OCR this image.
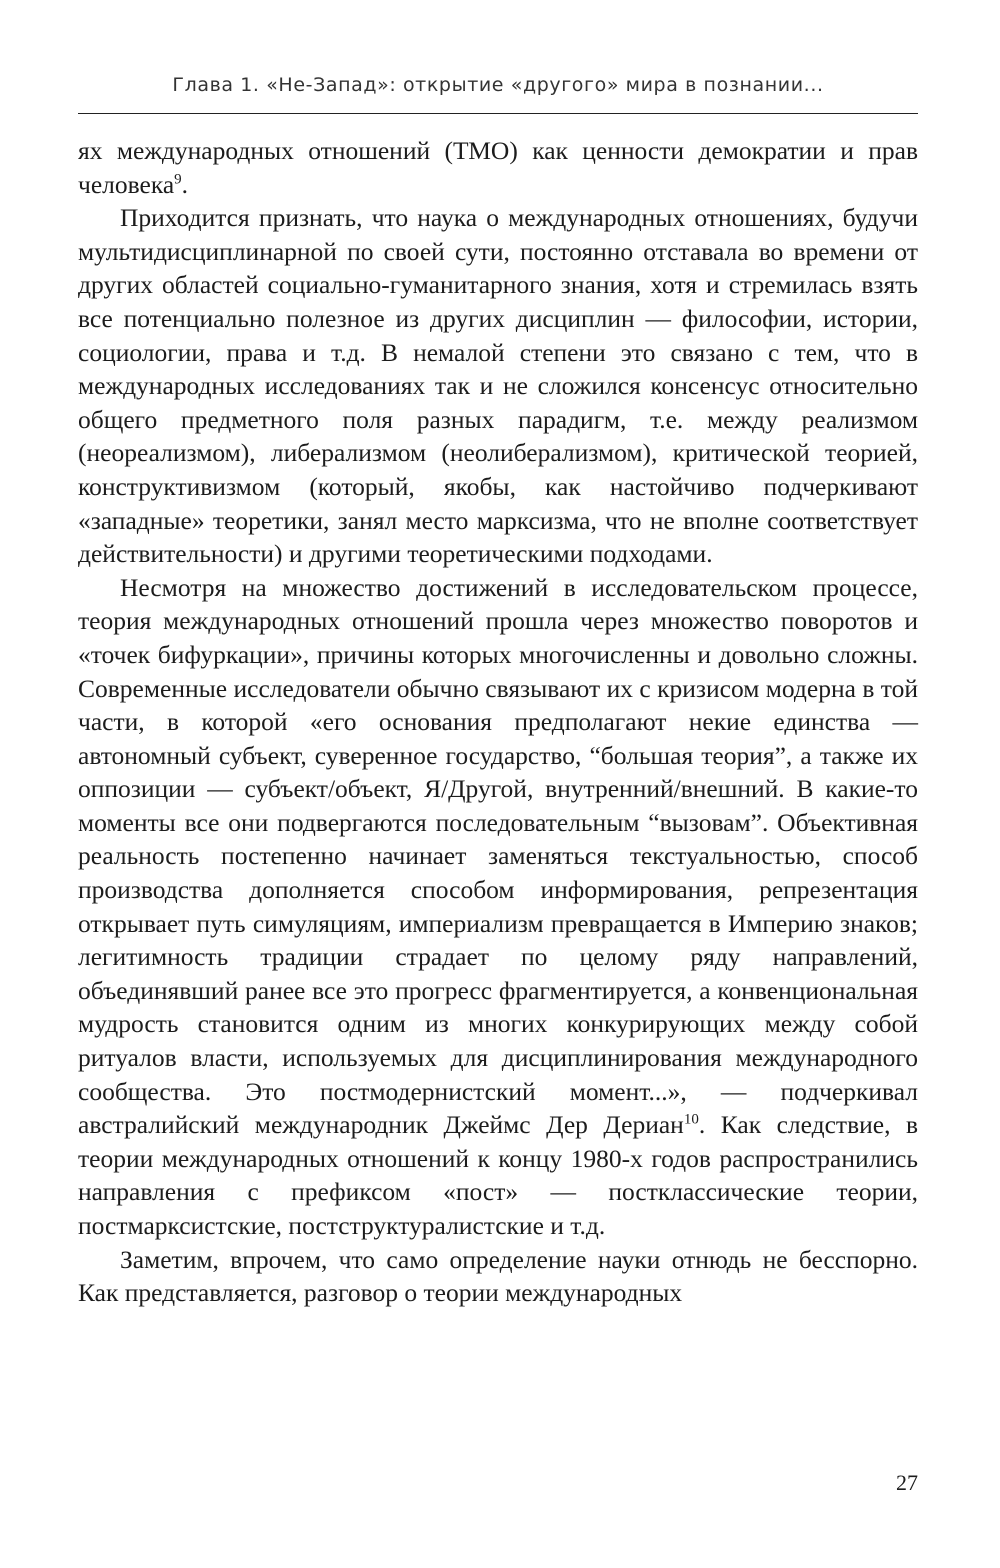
Глава 1. «Не-Запад»: открытие «другого» мира в познании...

ях международных отношений (ТМО) как ценности демократии и прав человека$^9$.

Приходится признать, что наука о международных отношениях, будучи мультидисциплинарной по своей сути, постоянно отставала во времени от других областей социально-гуманитарного знания, хотя и стремилась взять все потенциально полезное из других дисциплин — философии, истории, социологии, права и т.д. В немалой степени это связано с тем, что в международных исследованиях так и не сложился консенсус относительно общего предметного поля разных парадигм, т.е. между реализмом (неореализмом), либерализмом (неолиберализмом), критической теорией, конструктивизмом (который, якобы, как настойчиво подчеркивают «западные» теоретики, занял место марксизма, что не вполне соответствует действительности) и другими теоретическими подходами.

Несмотря на множество достижений в исследовательском процессе, теория международных отношений прошла через множество поворотов и «точек бифуркации», причины которых многочисленны и довольно сложны. Современные исследователи обычно связывают их с кризисом модерна в той части, в которой «его основания предполагают некие единства — автономный субъект, суверенное государство, “большая теория”, а также их оппозиции — субъект/объект, Я/Другой, внутренний/внешний. В какие-то моменты все они подвергаются последовательным “вызовам”. Объективная реальность постепенно начинает заменяться текстуальностью, способ производства дополняется способом информирования, репрезентация открывает путь симуляциям, империализм превращается в Империю знаков; легитимность традиции страдает по целому ряду направлений, объединявший ранее все это прогресс фрагментируется, а конвенциональная мудрость становится одним из многих конкурирующих между собой ритуалов власти, используемых для дисциплинирования международного сообщества. Это постмодернистский момент...», — подчеркивал австралийский международник Джеймс Дер Дериан$^{10}$. Как следствие, в теории международных отношений к концу 1980-х годов распространились направления с префиксом «пост» — постклассические теории, постмарксистские, постструктуралистские и т.д.

Заметим, впрочем, что само определение науки отнюдь не бесспорно. Как представляется, разговор о теории международных

27
